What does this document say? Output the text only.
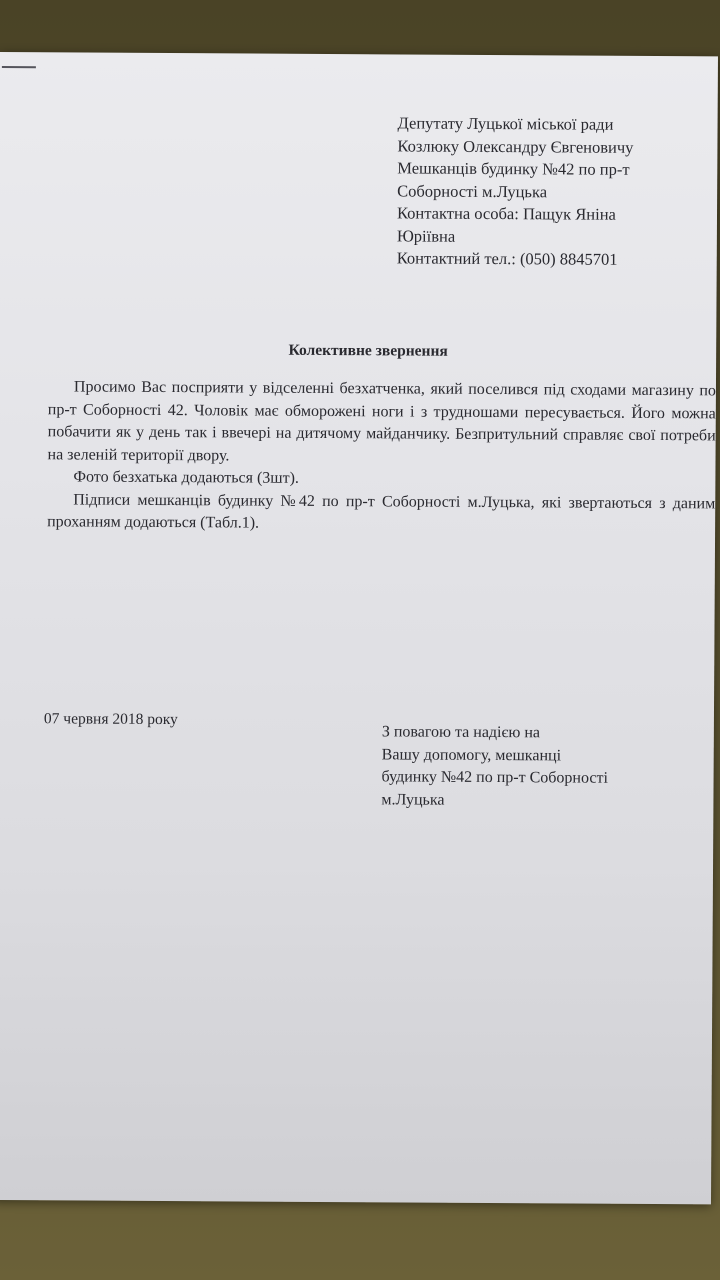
Депутату Луцької міської ради
Козлюку Олександру Євгеновичу
Мешканців будинку №42 по пр-т
Соборності м.Луцька
Контактна особа: Пащук Яніна
Юріївна
Контактний тел.: (050) 8845701
Колективне звернення

Просимо Вас посприяти у відселенні безхатченка, який поселився під сходами магазину по пр-т Соборності 42. Чоловік має обморожені ноги і з трудношами пересувається. Його можна побачити як у день так і ввечері на дитячому майданчику. Безпритульний справляє свої потреби на зеленій території двору.

Фото безхатька додаються (3шт).

Підписи мешканців будинку №42 по пр-т Соборності м.Луцька, які звертаються з даним проханням додаються (Табл.1).

07 червня 2018 року
З повагою та надією на
Вашу допомогу, мешканці
будинку №42 по пр-т Соборності
м.Луцька
